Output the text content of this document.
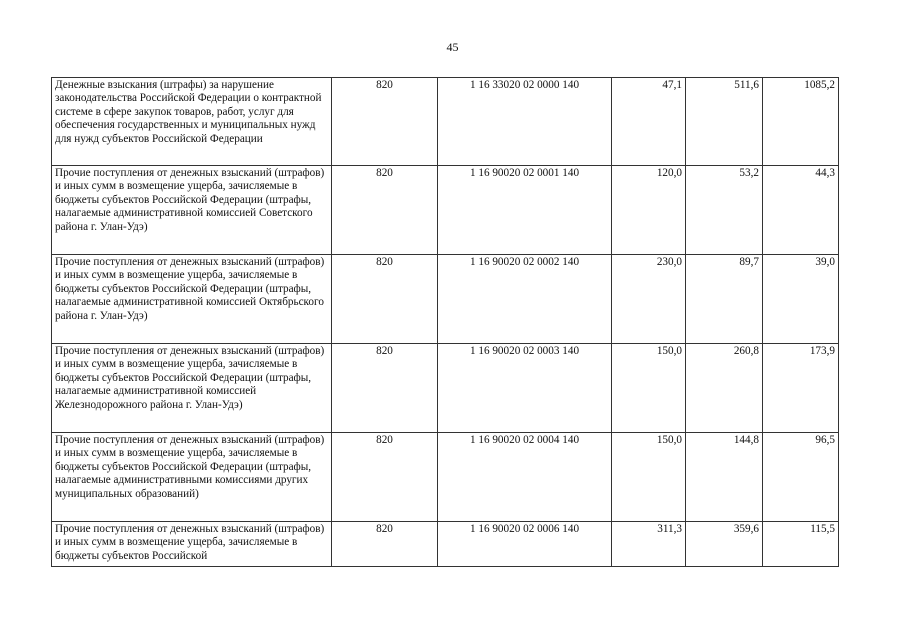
45
Денежные взыскания (штрафы) за нарушение законодательства Российской Федерации о контрактной системе в сфере закупок товаров, работ, услуг для обеспечения государственных и муниципальных нужд для нужд субъектов Российской Федерации	820	1 16 33020 02 0000 140	47,1	511,6	1085,2
Прочие поступления от денежных взысканий (штрафов) и иных сумм в возмещение ущерба, зачисляемые в бюджеты субъектов Российской Федерации (штрафы, налагаемые административной комиссией Советского района г. Улан-Удэ)	820	1 16 90020 02 0001 140	120,0	53,2	44,3
Прочие поступления от денежных взысканий (штрафов) и иных сумм в возмещение ущерба, зачисляемые в бюджеты субъектов Российской Федерации (штрафы, налагаемые административной комиссией Октябрьского района г. Улан-Удэ)	820	1 16 90020 02 0002 140	230,0	89,7	39,0
Прочие поступления от денежных взысканий (штрафов) и иных сумм в возмещение ущерба, зачисляемые в бюджеты субъектов Российской Федерации (штрафы, налагаемые административной комиссией Железнодорожного района г. Улан-Удэ)	820	1 16 90020 02 0003 140	150,0	260,8	173,9
Прочие поступления от денежных взысканий (штрафов) и иных сумм в возмещение ущерба, зачисляемые в бюджеты субъектов Российской Федерации (штрафы, налагаемые административными комиссиями других муниципальных образований)	820	1 16 90020 02 0004 140	150,0	144,8	96,5
Прочие поступления от денежных взысканий (штрафов) и иных сумм в возмещение ущерба, зачисляемые в бюджеты субъектов Российской	820	1 16 90020 02 0006 140	311,3	359,6	115,5
